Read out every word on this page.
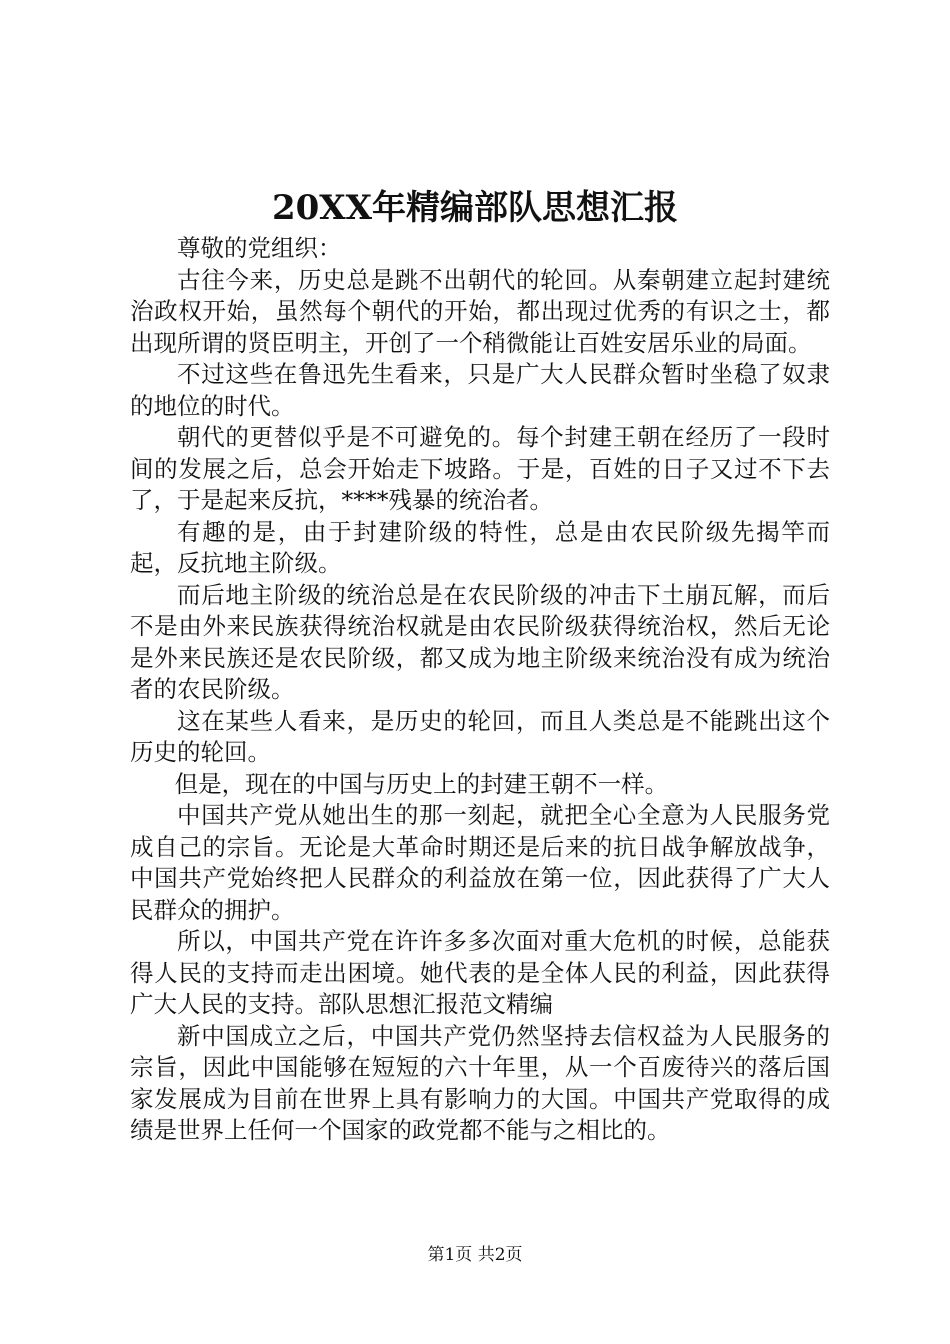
20XX年精编部队思想汇报

尊敬的党组织：

古往今来，历史总是跳不出朝代的轮回。从秦朝建立起封建统治政权开始，虽然每个朝代的开始，都出现过优秀的有识之士，都出现所谓的贤臣明主，开创了一个稍微能让百姓安居乐业的局面。

不过这些在鲁迅先生看来，只是广大人民群众暂时坐稳了奴隶的地位的时代。

朝代的更替似乎是不可避免的。每个封建王朝在经历了一段时间的发展之后，总会开始走下坡路。于是，百姓的日子又过不下去了，于是起来反抗，****残暴的统治者。

有趣的是，由于封建阶级的特性，总是由农民阶级先揭竿而起，反抗地主阶级。

而后地主阶级的统治总是在农民阶级的冲击下土崩瓦解，而后不是由外来民族获得统治权就是由农民阶级获得统治权，然后无论是外来民族还是农民阶级，都又成为地主阶级来统治没有成为统治者的农民阶级。

这在某些人看来，是历史的轮回，而且人类总是不能跳出这个历史的轮回。

但是，现在的中国与历史上的封建王朝不一样。

中国共产党从她出生的那一刻起，就把全心全意为人民服务党成自己的宗旨。无论是大革命时期还是后来的抗日战争解放战争，中国共产党始终把人民群众的利益放在第一位，因此获得了广大人民群众的拥护。

所以，中国共产党在许许多多次面对重大危机的时候，总能获得人民的支持而走出困境。她代表的是全体人民的利益，因此获得广大人民的支持。部队思想汇报范文精编

新中国成立之后，中国共产党仍然坚持去信权益为人民服务的宗旨，因此中国能够在短短的六十年里，从一个百废待兴的落后国家发展成为目前在世界上具有影响力的大国。中国共产党取得的成绩是世界上任何一个国家的政党都不能与之相比的。

第1页 共2页
